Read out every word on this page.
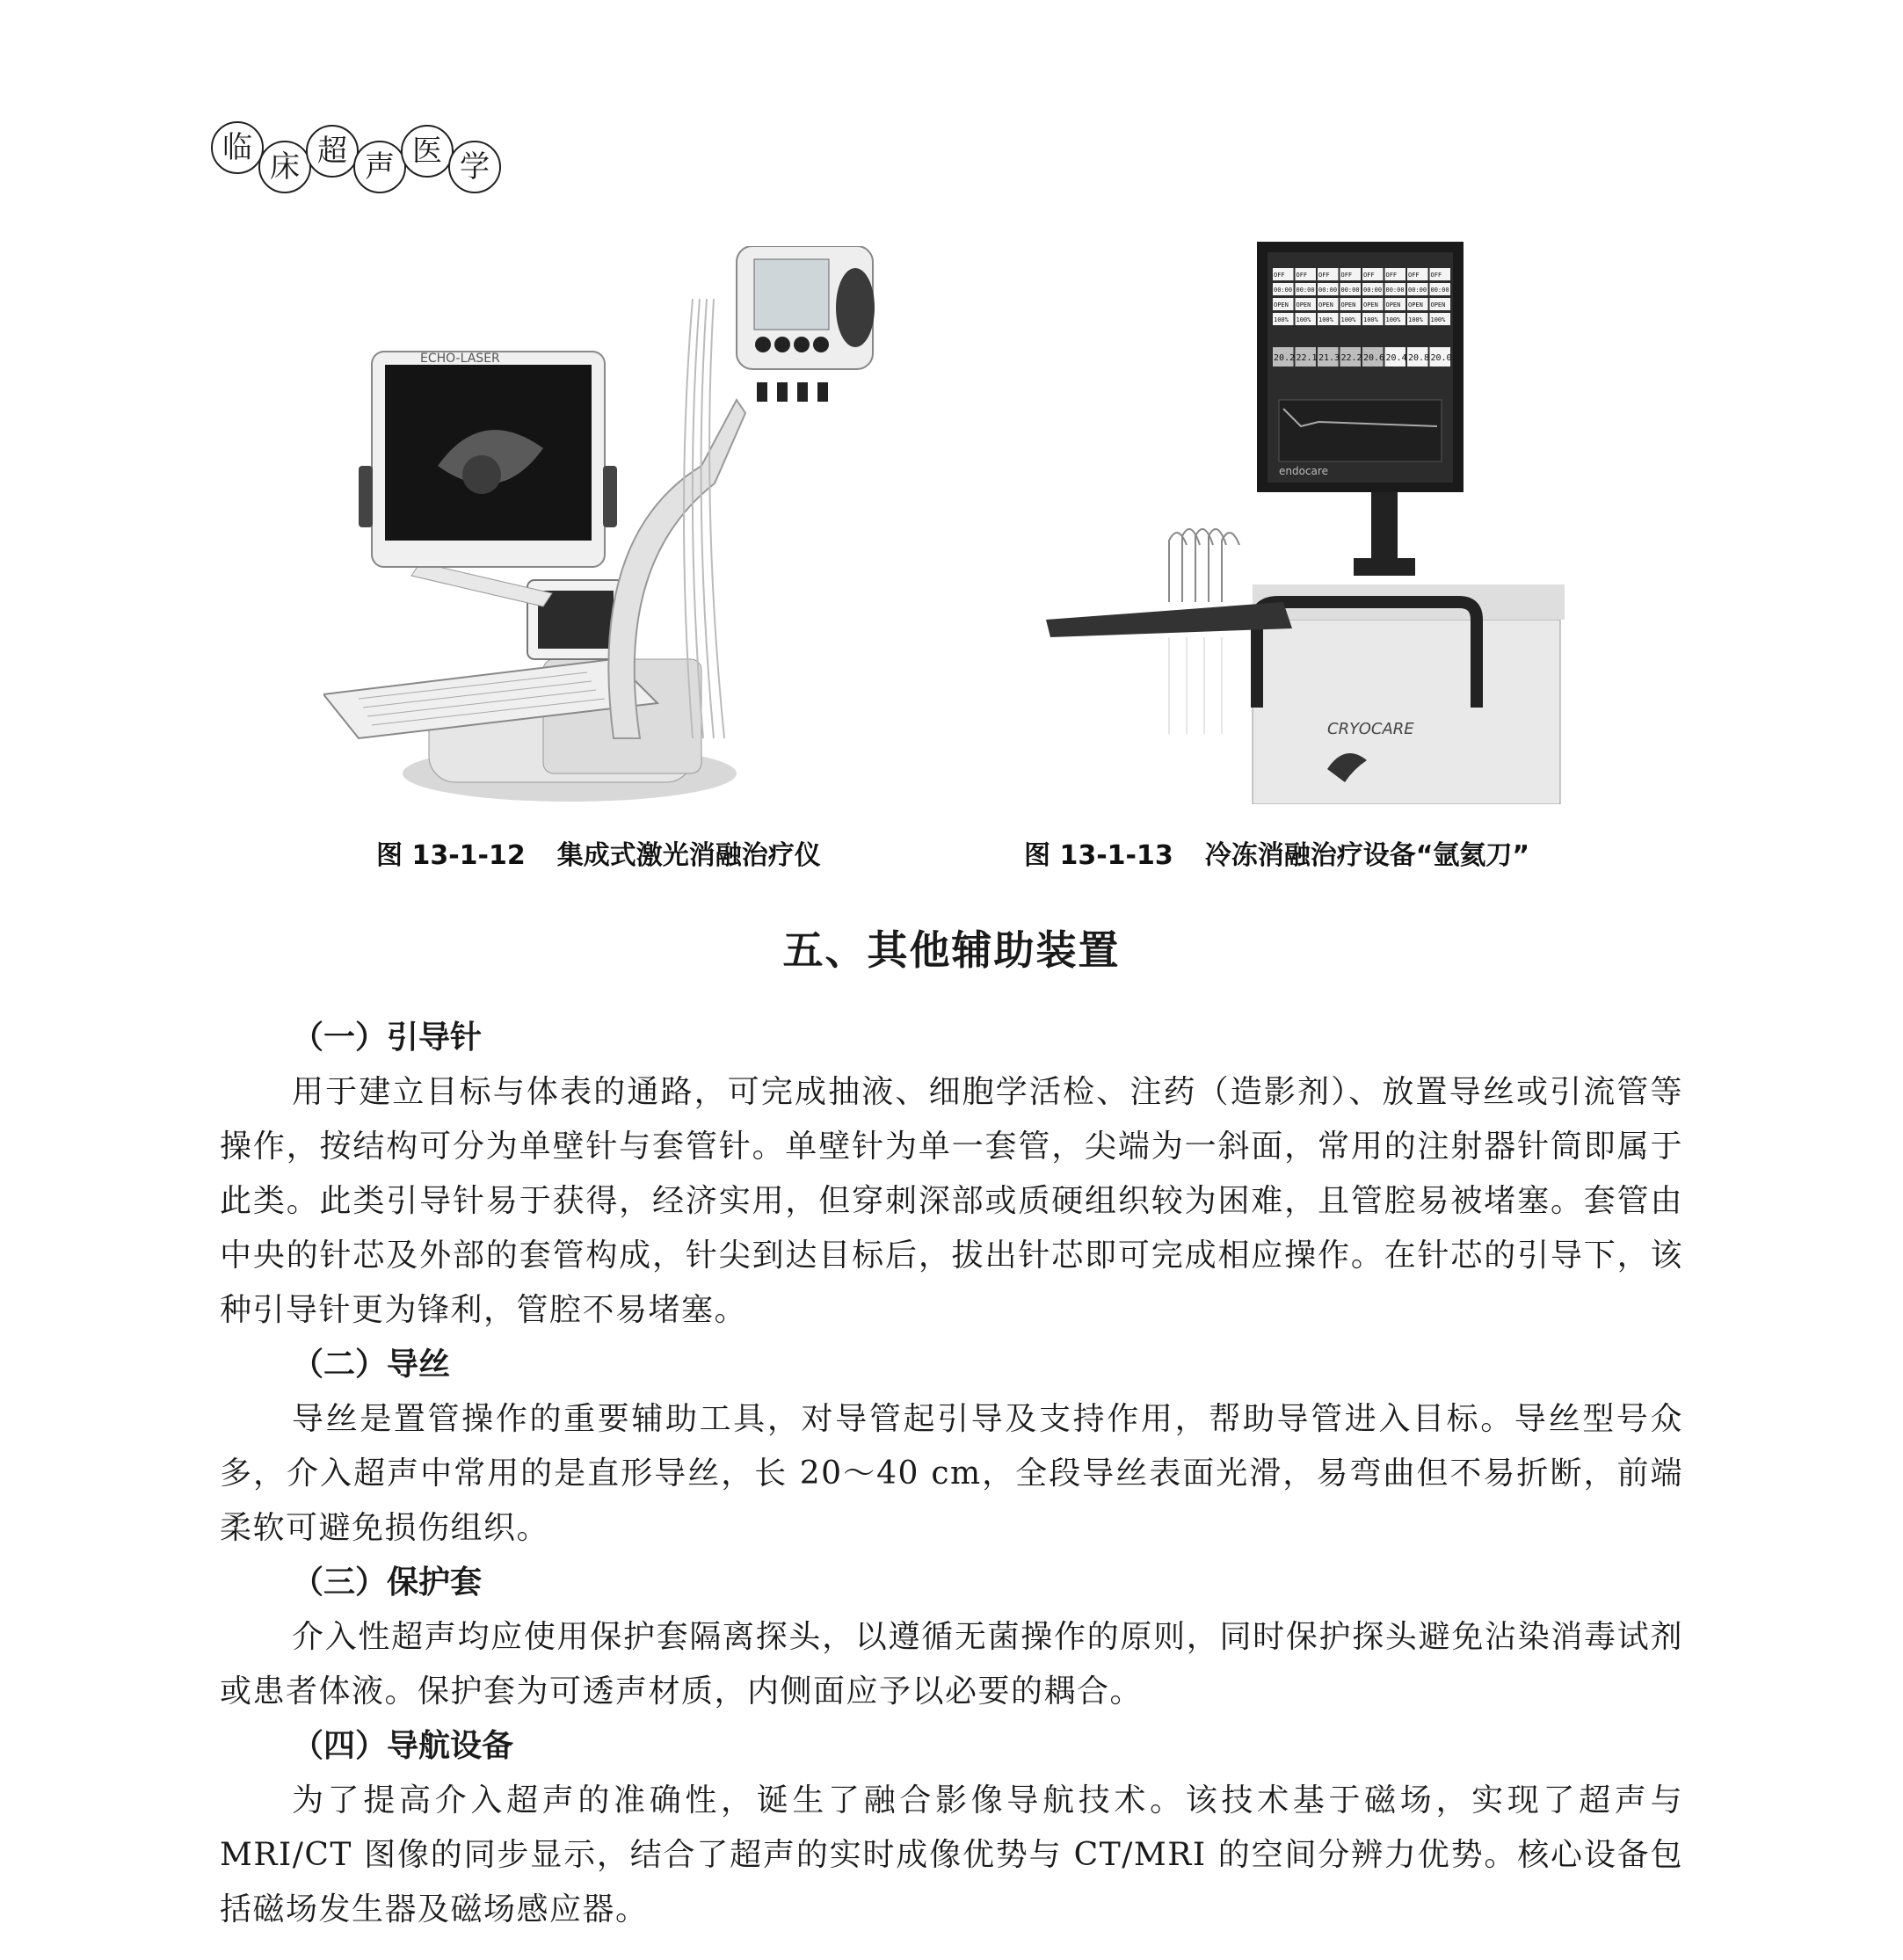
临
床 超 声 医 学
ECHO-LASER
CRYOCARE
OFF OFF OFF OFF OFF OFF OFF OFF
00:00 00:00 00:00 00:00 00:00 00:00 00:00 00:00
OPEN OPEN OPEN OPEN OPEN OPEN OPEN OPEN
100% 100% 100% 100% 100% 100% 100% 100%
20.2 22.1 21.3 22.2 20.6 20.4 20.8 20.0
endocare
图 13-1-12 集成式激光消融治疗仪	图 13-1-13 冷冻消融治疗设备“氩氦刀”
五、其他辅助装置

（一）引导针

用于建立目标与体表的通路，可完成抽液、细胞学活检、注药（造影剂）、放置导丝或引流管等操作，按结构可分为单壁针与套管针。单壁针为单一套管，尖端为一斜面，常用的注射器针筒即属于此类。此类引导针易于获得，经济实用，但穿刺深部或质硬组织较为困难，且管腔易被堵塞。套管由中央的针芯及外部的套管构成，针尖到达目标后，拔出针芯即可完成相应操作。在针芯的引导下，该种引导针更为锋利，管腔不易堵塞。

（二）导丝

导丝是置管操作的重要辅助工具，对导管起引导及支持作用，帮助导管进入目标。导丝型号众多，介入超声中常用的是直形导丝，长 20～40 cm，全段导丝表面光滑，易弯曲但不易折断，前端柔软可避免损伤组织。

（三）保护套

介入性超声均应使用保护套隔离探头，以遵循无菌操作的原则，同时保护探头避免沾染消毒试剂或患者体液。保护套为可透声材质，内侧面应予以必要的耦合。

（四）导航设备

为了提高介入超声的准确性，诞生了融合影像导航技术。该技术基于磁场，实现了超声与 MRI/CT 图像的同步显示，结合了超声的实时成像优势与 CT/MRI 的空间分辨力优势。核心设备包括磁场发生器及磁场感应器。
